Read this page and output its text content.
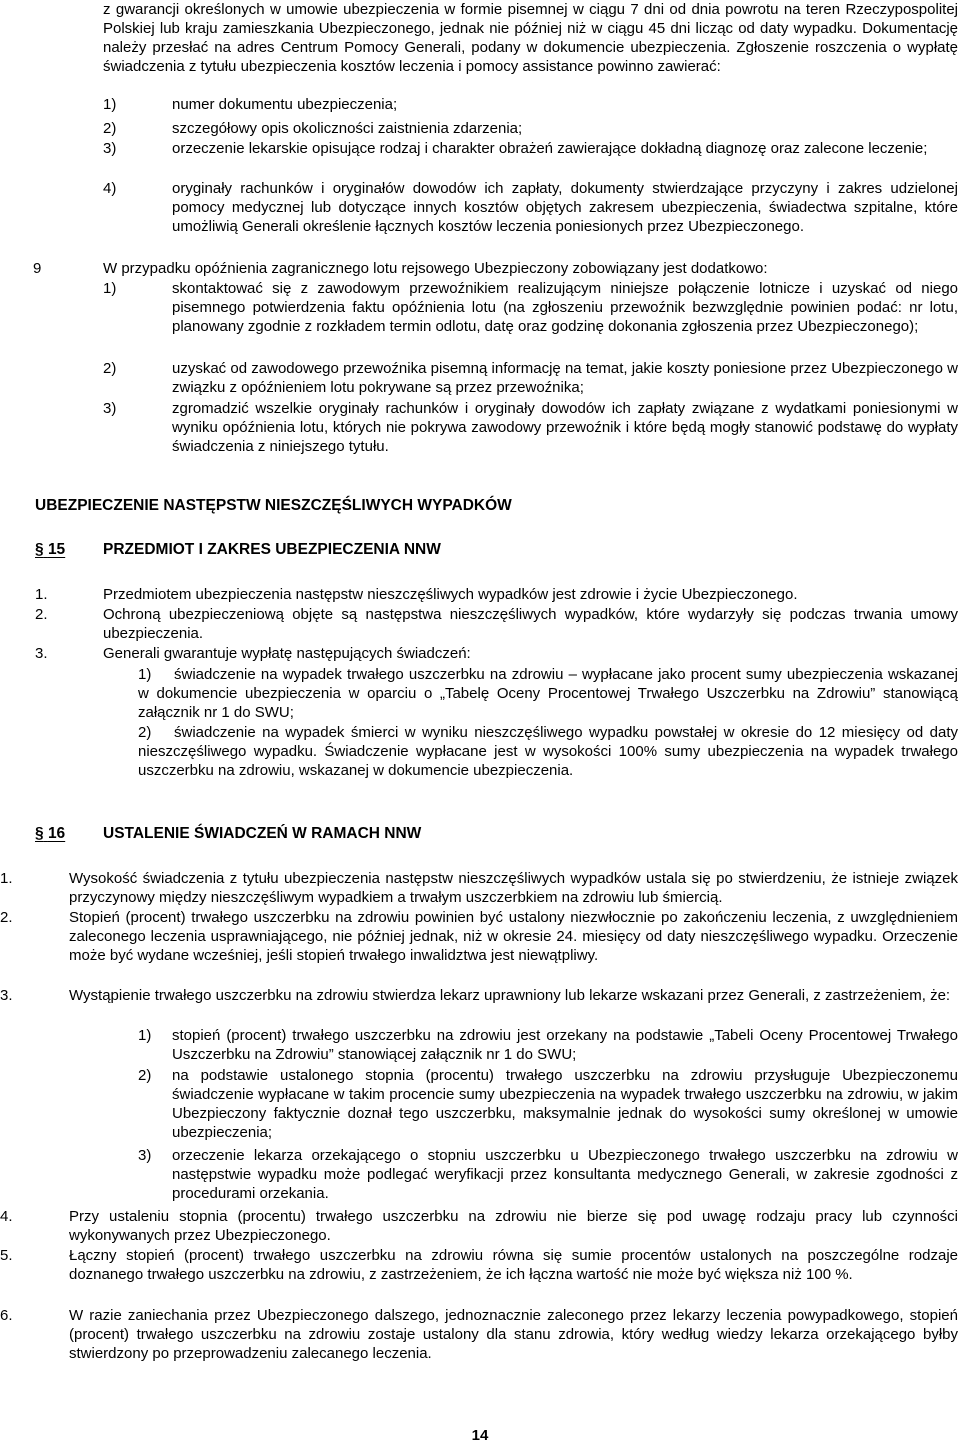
z gwarancji określonych w umowie ubezpieczenia w formie pisemnej w ciągu 7 dni od dnia powrotu na teren Rzeczypospolitej Polskiej lub kraju zamieszkania Ubezpieczonego, jednak nie później niż w ciągu 45 dni licząc od daty wypadku. Dokumentację należy przesłać na adres Centrum Pomocy Generali, podany w dokumencie ubezpieczenia. Zgłoszenie roszczenia o wypłatę świadczenia z tytułu ubezpieczenia kosztów leczenia i pomocy assistance powinno zawierać:

1)	numer dokumentu ubezpieczenia;

2)	szczegółowy opis okoliczności zaistnienia zdarzenia;

3)	orzeczenie lekarskie opisujące rodzaj i charakter obrażeń zawierające dokładną diagnozę oraz zalecone leczenie;

4)	oryginały rachunków i oryginałów dowodów ich zapłaty, dokumenty stwierdzające przyczyny i zakres udzielonej pomocy medycznej lub dotyczące innych kosztów objętych zakresem ubezpieczenia, świadectwa szpitalne, które umożliwią Generali określenie łącznych kosztów leczenia poniesionych przez Ubezpieczonego.

9	W przypadku opóźnienia zagranicznego lotu rejsowego Ubezpieczony zobowiązany jest dodatkowo:

1)	skontaktować się z zawodowym przewoźnikiem realizującym niniejsze połączenie lotnicze i uzyskać od niego pisemnego potwierdzenia faktu opóźnienia lotu (na zgłoszeniu przewoźnik bezwzględnie powinien podać: nr lotu, planowany zgodnie z rozkładem termin odlotu, datę oraz godzinę dokonania zgłoszenia przez Ubezpieczonego);

2)	uzyskać od zawodowego przewoźnika pisemną informację na temat, jakie koszty poniesione przez Ubezpieczonego w związku z opóźnieniem lotu pokrywane są przez przewoźnika;

3)	zgromadzić wszelkie oryginały rachunków i oryginały dowodów ich zapłaty związane z wydatkami poniesionymi w wyniku opóźnienia lotu, których nie pokrywa zawodowy przewoźnik i które będą mogły stanowić podstawę do wypłaty świadczenia z niniejszego tytułu.

UBEZPIECZENIE NASTĘPSTW NIESZCZĘŚLIWYCH WYPADKÓW
§ 15 PRZEDMIOT I ZAKRES UBEZPIECZENIA NNW
1.	Przedmiotem ubezpieczenia następstw nieszczęśliwych wypadków jest zdrowie i życie Ubezpieczonego.

2.	Ochroną ubezpieczeniową objęte są następstwa nieszczęśliwych wypadków, które wydarzyły się podczas trwania umowy ubezpieczenia.

3.	Generali gwarantuje wypłatę następujących świadczeń:

1)	świadczenie na wypadek trwałego uszczerbku na zdrowiu – wypłacane jako procent sumy ubezpieczenia wskazanej w dokumencie ubezpieczenia w oparciu o „Tabelę Oceny Procentowej Trwałego Uszczerbku na Zdrowiu” stanowiącą załącznik nr 1 do SWU;

2)	świadczenie na wypadek śmierci w wyniku nieszczęśliwego wypadku powstałej w okresie do 12 miesięcy od daty nieszczęśliwego wypadku. Świadczenie wypłacane jest w wysokości 100% sumy ubezpieczenia na wypadek trwałego uszczerbku na zdrowiu, wskazanej w dokumencie ubezpieczenia.

§ 16 USTALENIE ŚWIADCZEŃ W RAMACH NNW
1.	Wysokość świadczenia z tytułu ubezpieczenia następstw nieszczęśliwych wypadków ustala się po stwierdzeniu, że istnieje związek przyczynowy między nieszczęśliwym wypadkiem a trwałym uszczerbkiem na zdrowiu lub śmiercią.

2.	Stopień (procent) trwałego uszczerbku na zdrowiu powinien być ustalony niezwłocznie po zakończeniu leczenia, z uwzględnieniem zaleconego leczenia usprawniającego, nie później jednak, niż w okresie 24. miesięcy od daty nieszczęśliwego wypadku. Orzeczenie może być wydane wcześniej, jeśli stopień trwałego inwalidztwa jest niewątpliwy.

3.	Wystąpienie trwałego uszczerbku na zdrowiu stwierdza lekarz uprawniony lub lekarze wskazani przez Generali, z zastrzeżeniem, że:

1) stopień (procent) trwałego uszczerbku na zdrowiu jest orzekany na podstawie „Tabeli Oceny Procentowej Trwałego Uszczerbku na Zdrowiu” stanowiącej załącznik nr 1 do SWU;

2) na podstawie ustalonego stopnia (procentu) trwałego uszczerbku na zdrowiu przysługuje Ubezpieczonemu świadczenie wypłacane w takim procencie sumy ubezpieczenia na wypadek trwałego uszczerbku na zdrowiu, w jakim Ubezpieczony faktycznie doznał tego uszczerbku, maksymalnie jednak do wysokości sumy określonej w umowie ubezpieczenia;

3) orzeczenie lekarza orzekającego o stopniu uszczerbku u Ubezpieczonego trwałego uszczerbku na zdrowiu w następstwie wypadku może podlegać weryfikacji przez konsultanta medycznego Generali, w zakresie zgodności z procedurami orzekania.

4.	Przy ustaleniu stopnia (procentu) trwałego uszczerbku na zdrowiu nie bierze się pod uwagę rodzaju pracy lub czynności wykonywanych przez Ubezpieczonego.

5.	Łączny stopień (procent) trwałego uszczerbku na zdrowiu równa się sumie procentów ustalonych na poszczególne rodzaje doznanego trwałego uszczerbku na zdrowiu, z zastrzeżeniem, że ich łączna wartość nie może być większa niż 100 %.

6.	W razie zaniechania przez Ubezpieczonego dalszego, jednoznacznie zaleconego przez lekarzy leczenia powypadkowego, stopień (procent) trwałego uszczerbku na zdrowiu zostaje ustalony dla stanu zdrowia, który według wiedzy lekarza orzekającego byłby stwierdzony po przeprowadzeniu zalecanego leczenia.

14
